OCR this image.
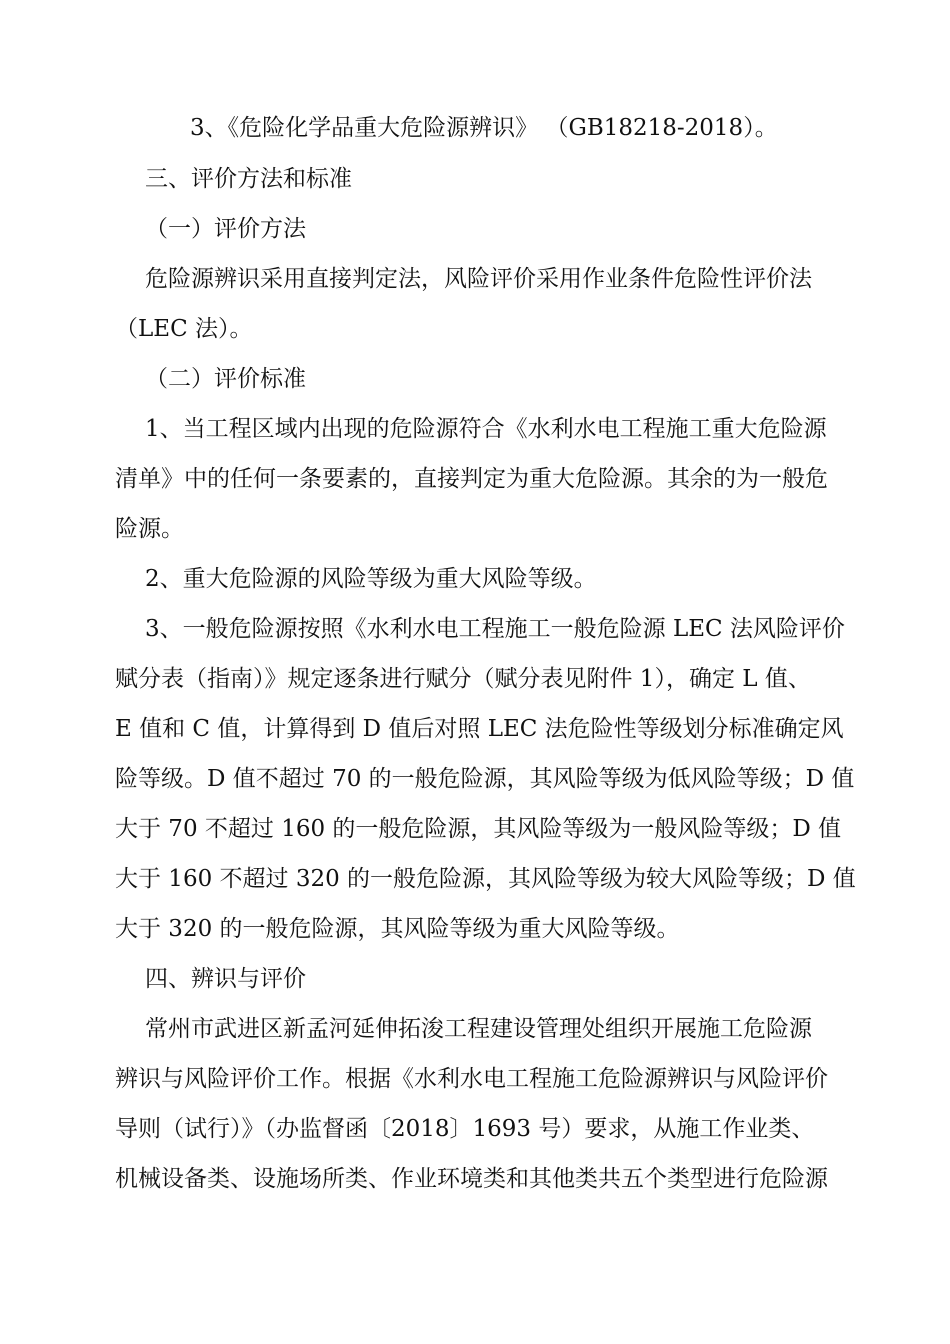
3、《危险化学品重大危险源辨识》 （GB18218-2018）。
三、评价方法和标准
（一）评价方法
危险源辨识采用直接判定法，风险评价采用作业条件危险性评价法
（LEC 法）。
（二）评价标准
1、当工程区域内出现的危险源符合《水利水电工程施工重大危险源
清单》中的任何一条要素的，直接判定为重大危险源。其余的为一般危
险源。
2、重大危险源的风险等级为重大风险等级。
3、一般危险源按照《水利水电工程施工一般危险源 LEC 法风险评价
赋分表（指南）》规定逐条进行赋分（赋分表见附件 1），确定 L 值、
E 值和 C 值，计算得到 D 值后对照 LEC 法危险性等级划分标准确定风
险等级。D 值不超过 70 的一般危险源，其风险等级为低风险等级；D 值
大于 70 不超过 160 的一般危险源，其风险等级为一般风险等级；D 值
大于 160 不超过 320 的一般危险源，其风险等级为较大风险等级；D 值
大于 320 的一般危险源，其风险等级为重大风险等级。
四、辨识与评价
常州市武进区新孟河延伸拓浚工程建设管理处组织开展施工危险源
辨识与风险评价工作。根据《水利水电工程施工危险源辨识与风险评价
导则（试行）》（办监督函〔2018〕1693 号）要求，从施工作业类、
机械设备类、设施场所类、作业环境类和其他类共五个类型进行危险源
